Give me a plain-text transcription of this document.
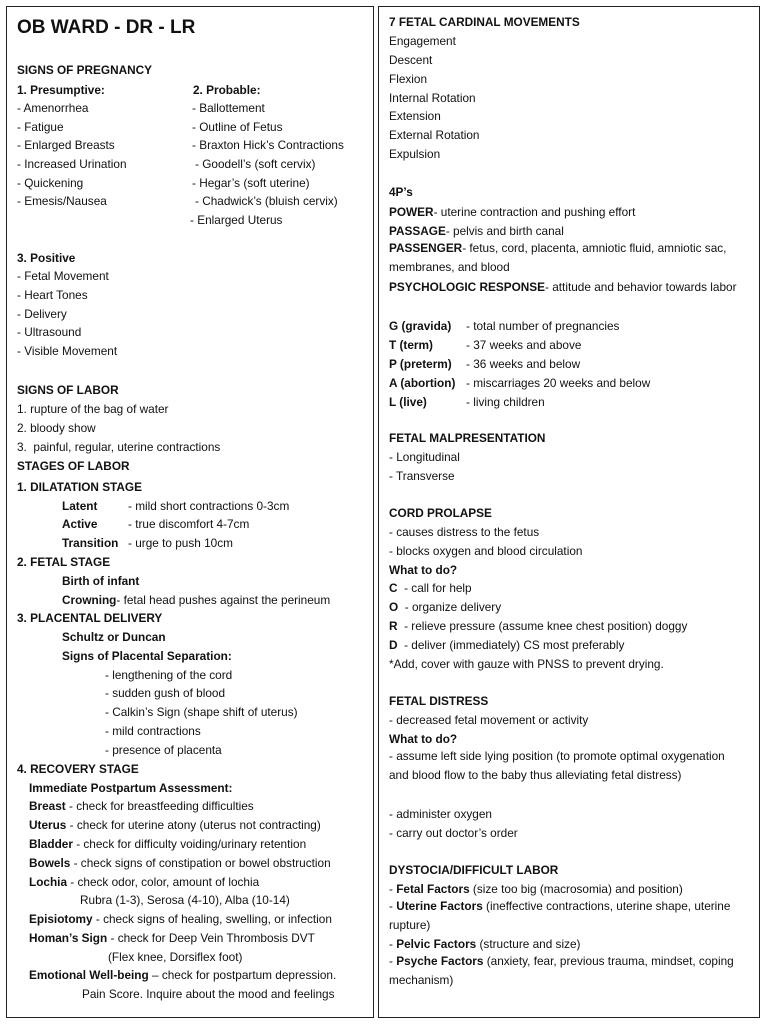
OB WARD - DR - LR
SIGNS OF PREGNANCY
1. Presumptive:
- Amenorrhea
- Fatigue
- Enlarged Breasts
- Increased Urination
- Quickening
- Emesis/Nausea
2. Probable:
- Ballottement
- Outline of Fetus
- Braxton Hick’s Contractions
- Goodell’s (soft cervix)
- Hegar’s (soft uterine)
- Chadwick’s (bluish cervix)
- Enlarged Uterus
3. Positive
- Fetal Movement
- Heart Tones
- Delivery
- Ultrasound
- Visible Movement
SIGNS OF LABOR
1. rupture of the bag of water
2. bloody show
3.  painful, regular, uterine contractions
STAGES OF LABOR
1. DILATATION STAGE
Latent	- mild short contractions 0-3cm
Active	- true discomfort 4-7cm
Transition - urge to push 10cm
2. FETAL STAGE
Birth of infant
Crowning- fetal head pushes against the perineum
3. PLACENTAL DELIVERY
Schultz or Duncan
Signs of Placental Separation:
- lengthening of the cord
- sudden gush of blood
- Calkin’s Sign (shape shift of uterus)
- mild contractions
- presence of placenta
4. RECOVERY STAGE
Immediate Postpartum Assessment:
Breast - check for breastfeeding difficulties
Uterus - check for uterine atony (uterus not contracting)
Bladder - check for difficulty voiding/urinary retention
Bowels - check signs of constipation or bowel obstruction
Lochia - check odor, color, amount of lochia
Rubra (1-3), Serosa (4-10), Alba (10-14)
Episiotomy - check signs of healing, swelling, or infection
Homan’s Sign - check for Deep Vein Thrombosis DVT
(Flex knee, Dorsiflex foot)
Emotional Well-being – check for postpartum depression.
Pain Score. Inquire about the mood and feelings
7 FETAL CARDINAL MOVEMENTS
Engagement
Descent
Flexion
Internal Rotation
Extension
External Rotation
Expulsion
4P’s
POWER- uterine contraction and pushing effort
PASSAGE- pelvis and birth canal
PASSENGER- fetus, cord, placenta, amniotic fluid, amniotic sac, membranes, and blood
PSYCHOLOGIC RESPONSE- attitude and behavior towards labor
G (gravida) - total number of pregnancies
T (term)	- 37 weeks and above
P (preterm) - 36 weeks and below
A (abortion) - miscarriages 20 weeks and below
L (live)	- living children
FETAL MALPRESENTATION
- Longitudinal
- Transverse
CORD PROLAPSE
- causes distress to the fetus
- blocks oxygen and blood circulation
What to do?
C  - call for help
O  - organize delivery
R  - relieve pressure (assume knee chest position) doggy
D  - deliver (immediately) CS most preferably
*Add, cover with gauze with PNSS to prevent drying.
FETAL DISTRESS
- decreased fetal movement or activity
What to do?
- assume left side lying position (to promote optimal oxygenation and blood flow to the baby thus alleviating fetal distress)
- administer oxygen
- carry out doctor’s order
DYSTOCIA/DIFFICULT LABOR
- Fetal Factors (size too big (macrosomia) and position)
- Uterine Factors (ineffective contractions, uterine shape, uterine rupture)
- Pelvic Factors (structure and size)
- Psyche Factors (anxiety, fear, previous trauma, mindset, coping mechanism)
